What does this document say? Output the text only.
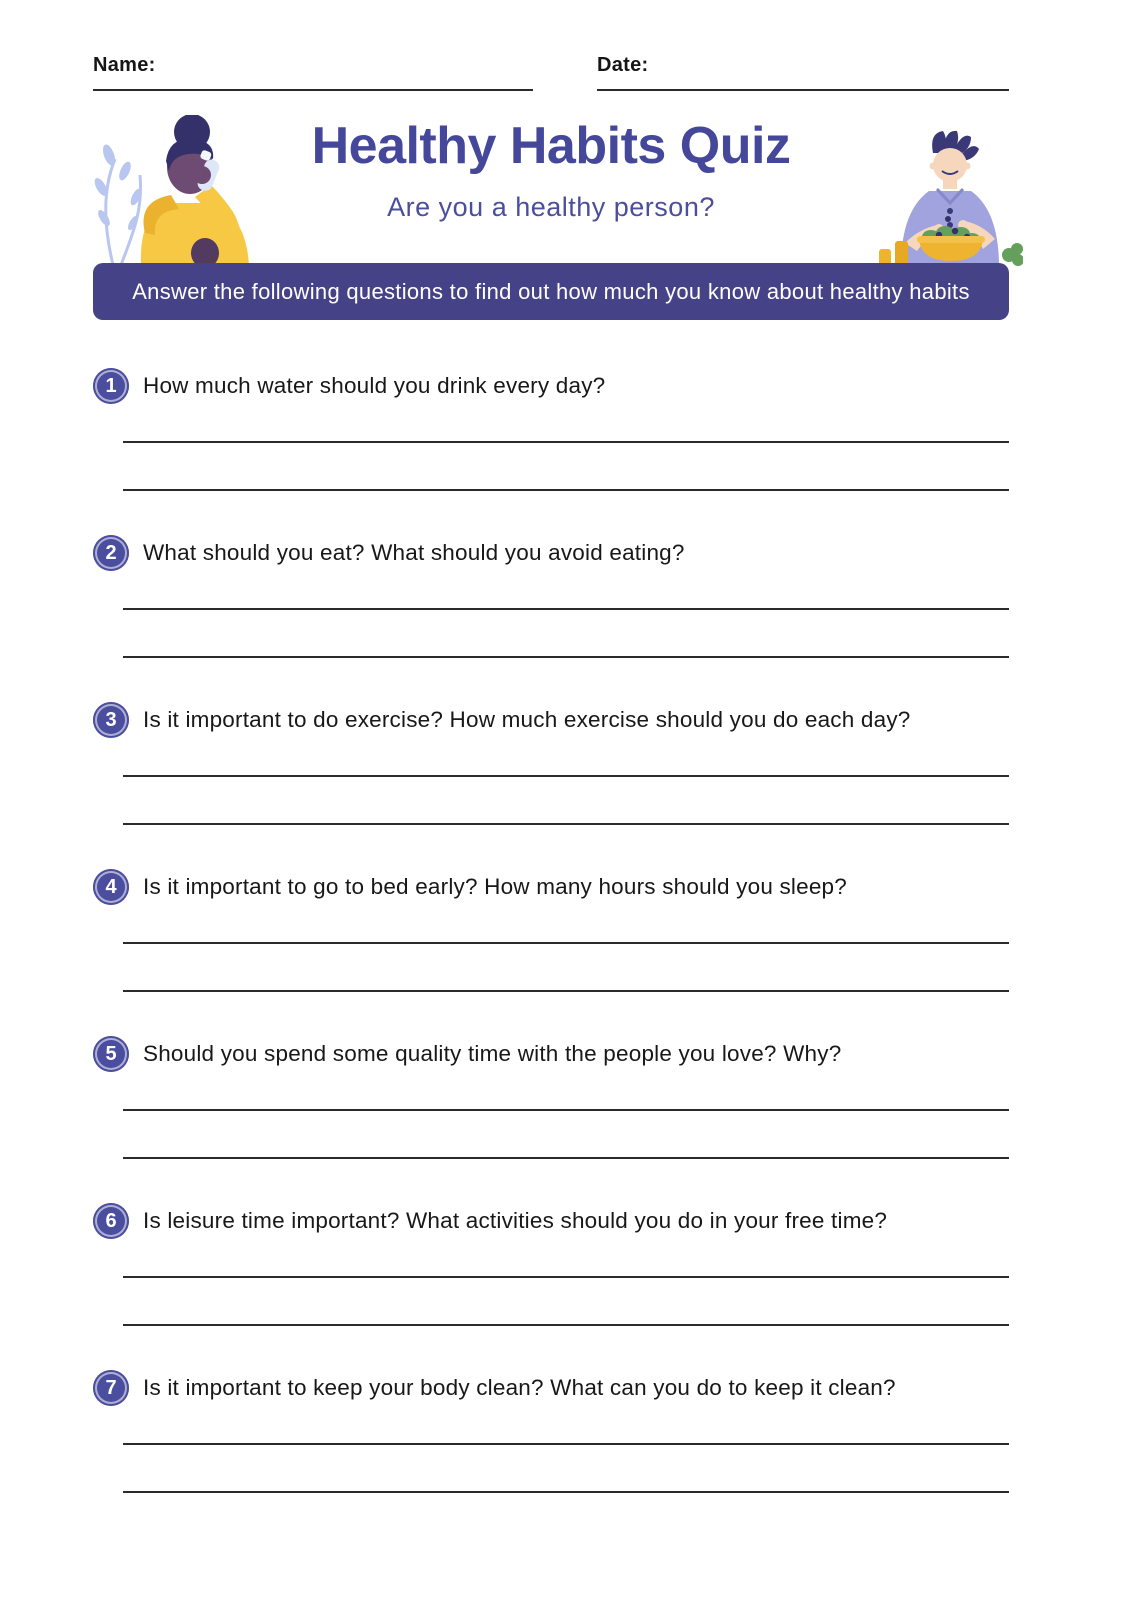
Name:	Date:
Healthy Habits Quiz
Are you a healthy person?
Answer the following questions to find out how much you know about healthy habits
1	How much water should you drink every day?
2	What should you eat? What should you avoid eating?
3	Is it important to do exercise? How much exercise should you do each day?
4	Is it important to go to bed early? How many hours should you sleep?
5	Should you spend some quality time with the people you love? Why?
6	Is leisure time important? What activities should you do in your free time?
7	Is it important to keep your body clean? What can you do to keep it clean?
